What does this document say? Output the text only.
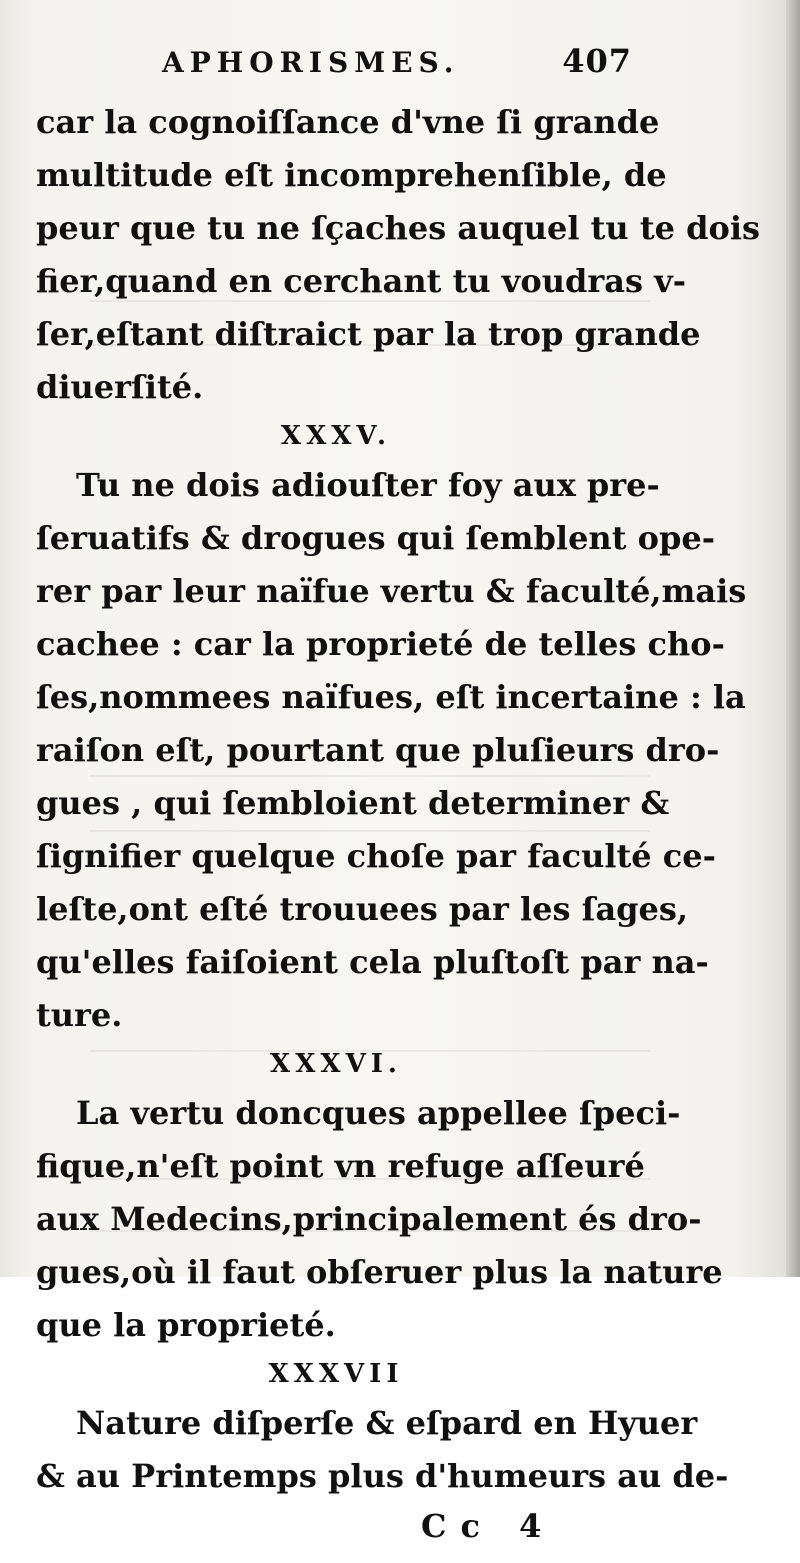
APHORISMES.	407
car la cognoiſſance d'vne ſi grande
multitude eſt incomprehenſible, de
peur que tu ne ſçaches auquel tu te dois
fier,quand en cerchant tu voudras v-
ſer,eſtant diſtraict par la trop grande
diuerſité.
XXXV.
Tu ne dois adiouſter foy aux pre-
ſeruatifs & drogues qui ſemblent ope-
rer par leur naïfue vertu & faculté,mais
cachee : car la proprieté de telles cho-
ſes,nommees naïfues, eſt incertaine : la
raiſon eſt, pourtant que pluſieurs dro-
gues , qui ſembloient determiner &
ſignifier quelque choſe par faculté ce-
leſte,ont eſté trouuees par les ſages,
qu'elles faiſoient cela pluſtoſt par na-
ture.
XXXVI.
La vertu doncques appellee ſpeci-
fique,n'eſt point vn refuge aſſeuré
aux Medecins,principalement és dro-
gues,où il faut obſeruer plus la nature
que la proprieté.
XXXVII
Nature diſperſe & eſpard en Hyuer
& au Printemps plus d'humeurs au de-
Cc 4
